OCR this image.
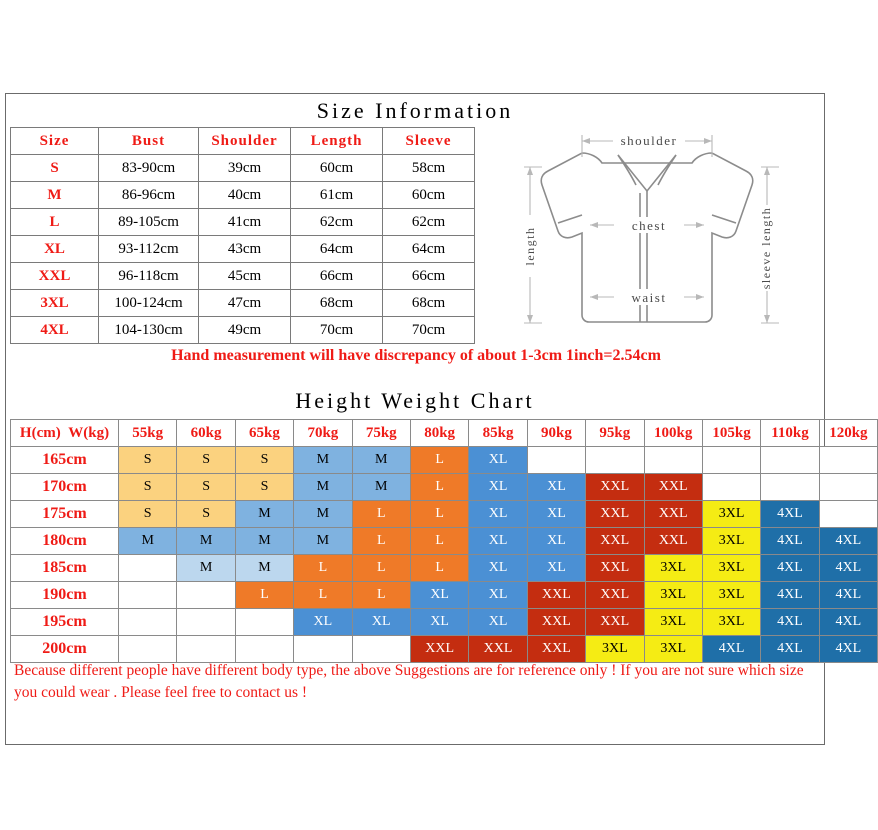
Size Information
Size	Bust	Shoulder	Length	Sleeve
S	83-90cm	39cm	60cm	58cm
M	86-96cm	40cm	61cm	60cm
L	89-105cm	41cm	62cm	62cm
XL	93-112cm	43cm	64cm	64cm
XXL	96-118cm	45cm	66cm	66cm
3XL	100-124cm	47cm	68cm	68cm
4XL	104-130cm	49cm	70cm	70cm
shoulder
chest
waist
length	sleeve length
Hand measurement will have discrepancy of about 1-3cm 1inch=2.54cm
Height Weight Chart
H(cm) W(kg)	55kg	60kg	65kg	70kg	75kg	80kg	85kg	90kg	95kg	100kg	105kg	110kg	120kg
165cm	S	S	S	M	M	L	XL						
170cm	S	S	S	M	M	L	XL	XL	XXL	XXL			
175cm	S	S	M	M	L	L	XL	XL	XXL	XXL	3XL	4XL	
180cm	M	M	M	M	L	L	XL	XL	XXL	XXL	3XL	4XL	4XL
185cm		M	M	L	L	L	XL	XL	XXL	3XL	3XL	4XL	4XL
190cm			L	L	L	XL	XL	XXL	XXL	3XL	3XL	4XL	4XL
195cm				XL	XL	XL	XL	XXL	XXL	3XL	3XL	4XL	4XL
200cm						XXL	XXL	XXL	3XL	3XL	4XL	4XL	4XL
Because different people have different body type, the above Suggestions are for reference only ! If you are not sure which size you could wear . Please feel free to contact us !
